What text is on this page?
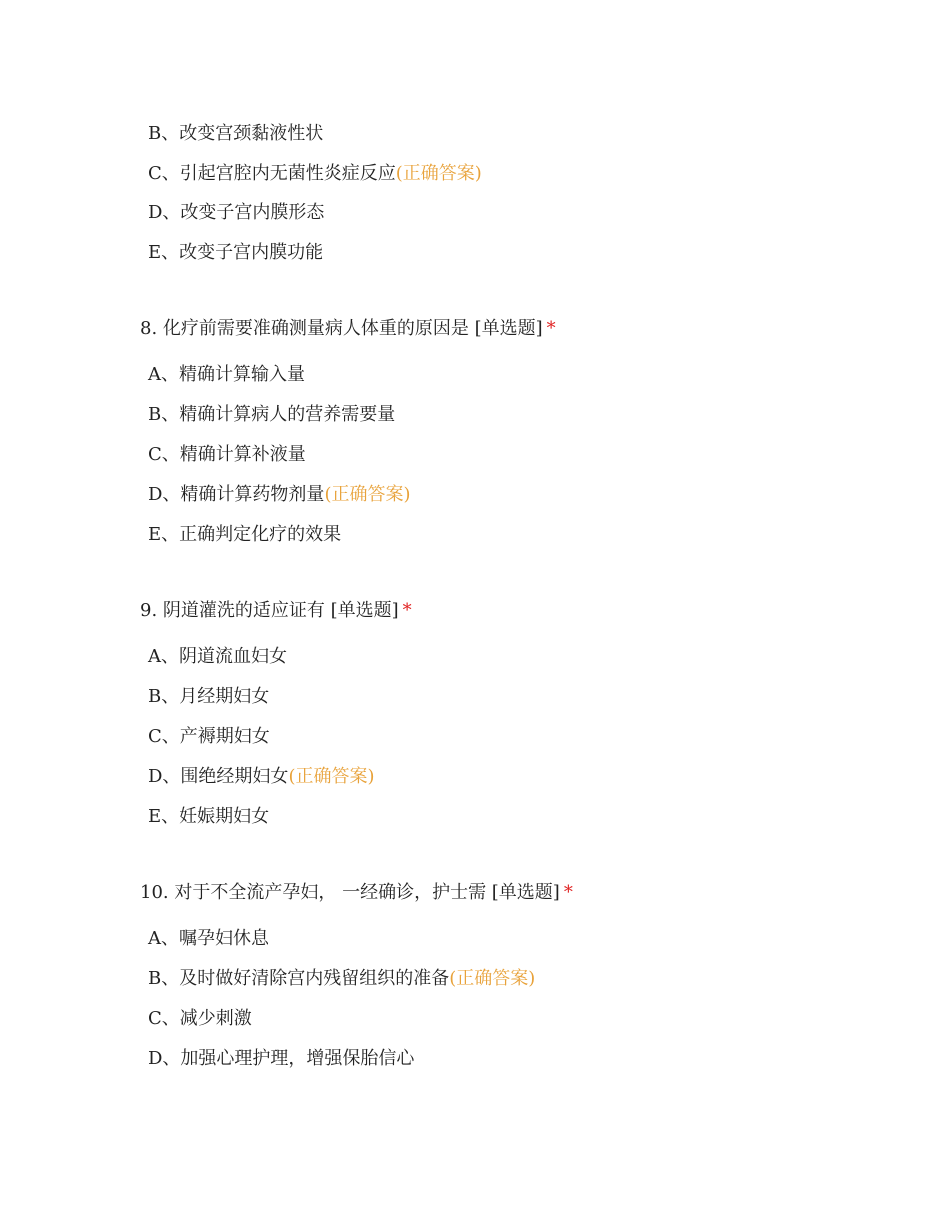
B、改变宫颈黏液性状
C、引起宫腔内无菌性炎症反应(正确答案)
D、改变子宫内膜形态
E、改变子宫内膜功能
8. 化疗前需要准确测量病人体重的原因是 [单选题] *
A、精确计算输入量
B、精确计算病人的营养需要量
C、精确计算补液量
D、精确计算药物剂量(正确答案)
E、正确判定化疗的效果
9. 阴道灌洗的适应证有 [单选题] *
A、阴道流血妇女
B、月经期妇女
C、产褥期妇女
D、围绝经期妇女(正确答案)
E、妊娠期妇女
10. 对于不全流产孕妇， 一经确诊，护士需 [单选题] *
A、嘱孕妇休息
B、及时做好清除宫内残留组织的准备(正确答案)
C、减少刺激
D、加强心理护理，增强保胎信心
